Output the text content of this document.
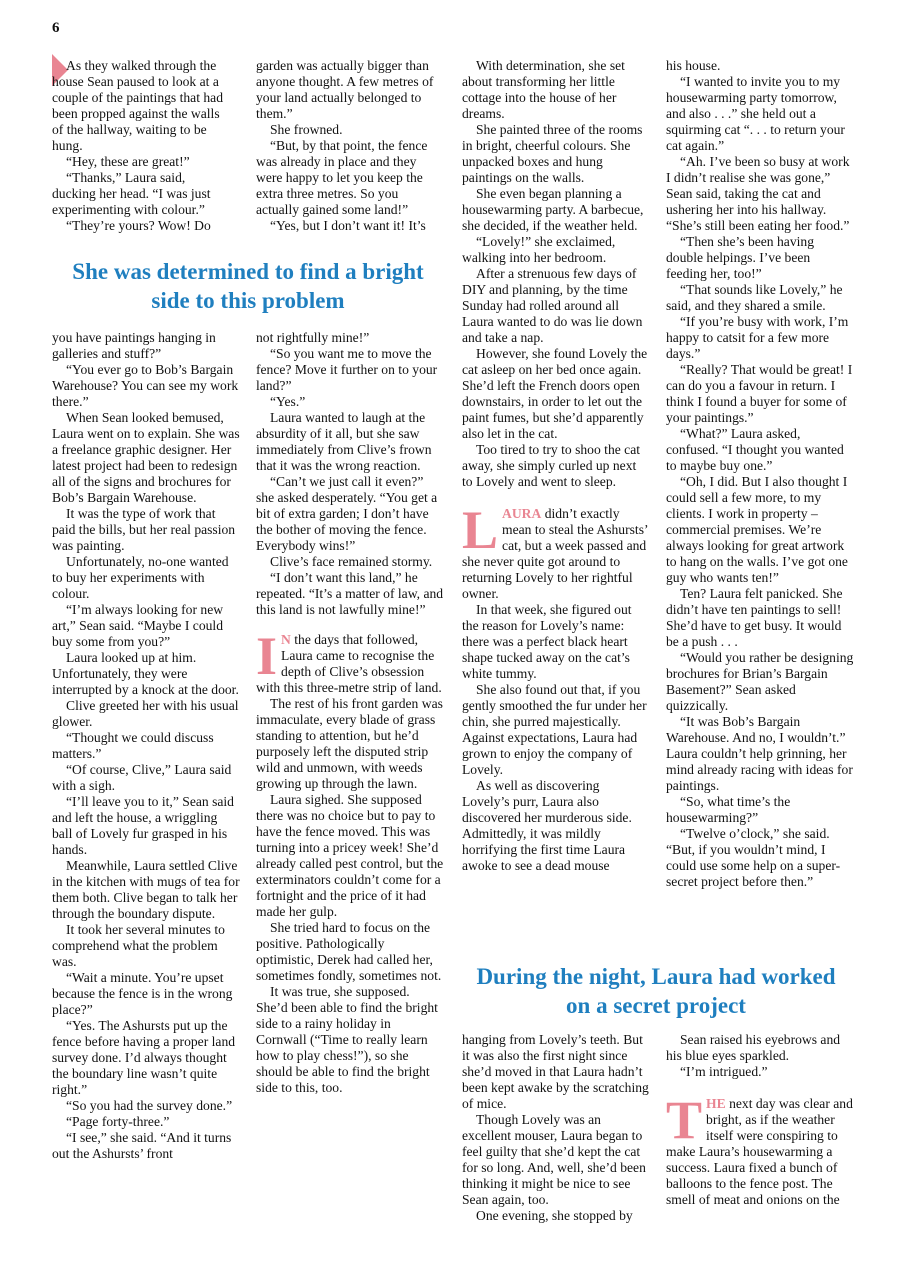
6

As they walked through the house Sean paused to look at a couple of the paintings that had been propped against the walls of the hallway, waiting to be hung.

“Hey, these are great!”

“Thanks,” Laura said, ducking her head. “I was just experimenting with colour.”

“They’re yours? Wow! Do

garden was actually bigger than anyone thought. A few metres of your land actually belonged to them.”

She frowned.

“But, by that point, the fence was already in place and they were happy to let you keep the extra three metres. So you actually gained some land!”

“Yes, but I don’t want it! It’s

She was determined to find a bright side to this problem

you have paintings hanging in galleries and stuff?”

“You ever go to Bob’s Bargain Warehouse? You can see my work there.”

When Sean looked bemused, Laura went on to explain. She was a freelance graphic designer. Her latest project had been to redesign all of the signs and brochures for Bob’s Bargain Warehouse.

It was the type of work that paid the bills, but her real passion was painting.

Unfortunately, no-one wanted to buy her experiments with colour.

“I’m always looking for new art,” Sean said. “Maybe I could buy some from you?”

Laura looked up at him. Unfortunately, they were interrupted by a knock at the door.

Clive greeted her with his usual glower.

“Thought we could discuss matters.”

“Of course, Clive,” Laura said with a sigh.

“I’ll leave you to it,” Sean said and left the house, a wriggling ball of Lovely fur grasped in his hands.

Meanwhile, Laura settled Clive in the kitchen with mugs of tea for them both. Clive began to talk her through the boundary dispute.

It took her several minutes to comprehend what the problem was.

“Wait a minute. You’re upset because the fence is in the wrong place?”

“Yes. The Ashursts put up the fence before having a proper land survey done. I’d always thought the boundary line wasn’t quite right.”

“So you had the survey done.”

“Page forty-three.”

“I see,” she said. “And it turns out the Ashursts’ front

not rightfully mine!”

“So you want me to move the fence? Move it further on to your land?”

“Yes.”

Laura wanted to laugh at the absurdity of it all, but she saw immediately from Clive’s frown that it was the wrong reaction.

“Can’t we just call it even?” she asked desperately. “You get a bit of extra garden; I don’t have the bother of moving the fence. Everybody wins!”

Clive’s face remained stormy.

“I don’t want this land,” he repeated. “It’s a matter of law, and this land is not lawfully mine!”

I N the days that followed, Laura came to recognise the depth of Clive’s obsession with this three-metre strip of land.

The rest of his front garden was immaculate, every blade of grass standing to attention, but he’d purposely left the disputed strip wild and unmown, with weeds growing up through the lawn.

Laura sighed. She supposed there was no choice but to pay to have the fence moved. This was turning into a pricey week! She’d already called pest control, but the exterminators couldn’t come for a fortnight and the price of it had made her gulp.

She tried hard to focus on the positive. Pathologically optimistic, Derek had called her, sometimes fondly, sometimes not.

It was true, she supposed. She’d been able to find the bright side to a rainy holiday in Cornwall (“Time to really learn how to play chess!”), so she should be able to find the bright side to this, too.

With determination, she set about transforming her little cottage into the house of her dreams.

She painted three of the rooms in bright, cheerful colours. She unpacked boxes and hung paintings on the walls.

She even began planning a housewarming party. A barbecue, she decided, if the weather held.

“Lovely!” she exclaimed, walking into her bedroom.

After a strenuous few days of DIY and planning, by the time Sunday had rolled around all Laura wanted to do was lie down and take a nap.

However, she found Lovely the cat asleep on her bed once again. She’d left the French doors open downstairs, in order to let out the paint fumes, but she’d apparently also let in the cat.

Too tired to try to shoo the cat away, she simply curled up next to Lovely and went to sleep.

LAURA didn’t exactly mean to steal the Ashursts’ cat, but a week passed and she never quite got around to returning Lovely to her rightful owner.

In that week, she figured out the reason for Lovely’s name: there was a perfect black heart shape tucked away on the cat’s white tummy.

She also found out that, if you gently smoothed the fur under her chin, she purred majestically. Against expectations, Laura had grown to enjoy the company of Lovely.

As well as discovering Lovely’s purr, Laura also discovered her murderous side. Admittedly, it was mildly horrifying the first time Laura awoke to see a dead mouse

his house.

“I wanted to invite you to my housewarming party tomorrow, and also . . .” she held out a squirming cat “. . . to return your cat again.”

“Ah. I’ve been so busy at work I didn’t realise she was gone,” Sean said, taking the cat and ushering her into his hallway. “She’s still been eating her food.”

“Then she’s been having double helpings. I’ve been feeding her, too!”

“That sounds like Lovely,” he said, and they shared a smile.

“If you’re busy with work, I’m happy to catsit for a few more days.”

“Really? That would be great! I can do you a favour in return. I think I found a buyer for some of your paintings.”

“What?” Laura asked, confused. “I thought you wanted to maybe buy one.”

“Oh, I did. But I also thought I could sell a few more, to my clients. I work in property – commercial premises. We’re always looking for great artwork to hang on the walls. I’ve got one guy who wants ten!”

Ten? Laura felt panicked. She didn’t have ten paintings to sell! She’d have to get busy. It would be a push . . .

“Would you rather be designing brochures for Brian’s Bargain Basement?” Sean asked quizzically.

“It was Bob’s Bargain Warehouse. And no, I wouldn’t.” Laura couldn’t help grinning, her mind already racing with ideas for paintings.

“So, what time’s the housewarming?”

“Twelve o’clock,” she said. “But, if you wouldn’t mind, I could use some help on a super-secret project before then.”

During the night, Laura had worked on a secret project

hanging from Lovely’s teeth. But it was also the first night since she’d moved in that Laura hadn’t been kept awake by the scratching of mice.

Though Lovely was an excellent mouser, Laura began to feel guilty that she’d kept the cat for so long. And, well, she’d been thinking it might be nice to see Sean again, too.

One evening, she stopped by

Sean raised his eyebrows and his blue eyes sparkled.

“I’m intrigued.”

THE next day was clear and bright, as if the weather itself were conspiring to make Laura’s housewarming a success. Laura fixed a bunch of balloons to the fence post. The smell of meat and onions on the
